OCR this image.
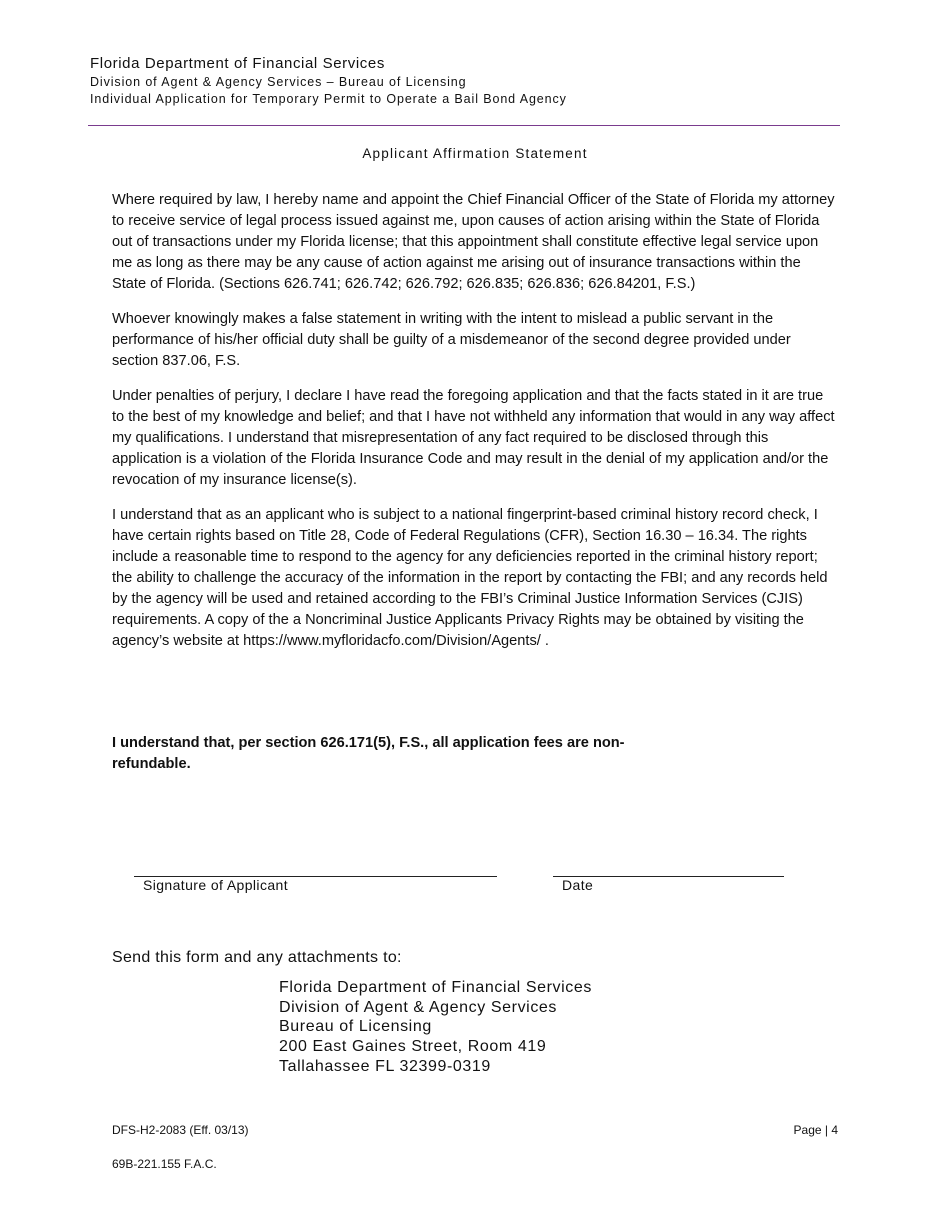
Florida Department of Financial Services
Division of Agent & Agency Services – Bureau of Licensing
Individual Application for Temporary Permit to Operate a Bail Bond Agency
Applicant Affirmation Statement

Where required by law, I hereby name and appoint the Chief Financial Officer of the State of Florida my attorney to receive service of legal process issued against me, upon causes of action arising within the State of Florida out of transactions under my Florida license; that this appointment shall constitute effective legal service upon me as long as there may be any cause of action against me arising out of insurance transactions within the State of Florida. (Sections 626.741; 626.742; 626.792; 626.835; 626.836; 626.84201, F.S.)

Whoever knowingly makes a false statement in writing with the intent to mislead a public servant in the performance of his/her official duty shall be guilty of a misdemeanor of the second degree provided under section 837.06, F.S.

Under penalties of perjury, I declare I have read the foregoing application and that the facts stated in it are true to the best of my knowledge and belief; and that I have not withheld any information that would in any way affect my qualifications. I understand that misrepresentation of any fact required to be disclosed through this application is a violation of the Florida Insurance Code and may result in the denial of my application and/or the revocation of my insurance license(s).

I understand that as an applicant who is subject to a national fingerprint-based criminal history record check, I have certain rights based on Title 28, Code of Federal Regulations (CFR), Section 16.30 – 16.34. The rights include a reasonable time to respond to the agency for any deficiencies reported in the criminal history report; the ability to challenge the accuracy of the information in the report by contacting the FBI; and any records held by the agency will be used and retained according to the FBI’s Criminal Justice Information Services (CJIS) requirements. A copy of the a Noncriminal Justice Applicants Privacy Rights may be obtained by visiting the agency’s website at https://www.myfloridacfo.com/Division/Agents/ .

I understand that, per section 626.171(5), F.S., all application fees are non-refundable.
Signature of Applicant	Date
Send this form and any attachments to:
Florida Department of Financial Services
Division of Agent & Agency Services
Bureau of Licensing
200 East Gaines Street, Room 419
Tallahassee FL 32399-0319
DFS-H2-2083 (Eff. 03/13)	Page | 4
69B-221.155 F.A.C.
